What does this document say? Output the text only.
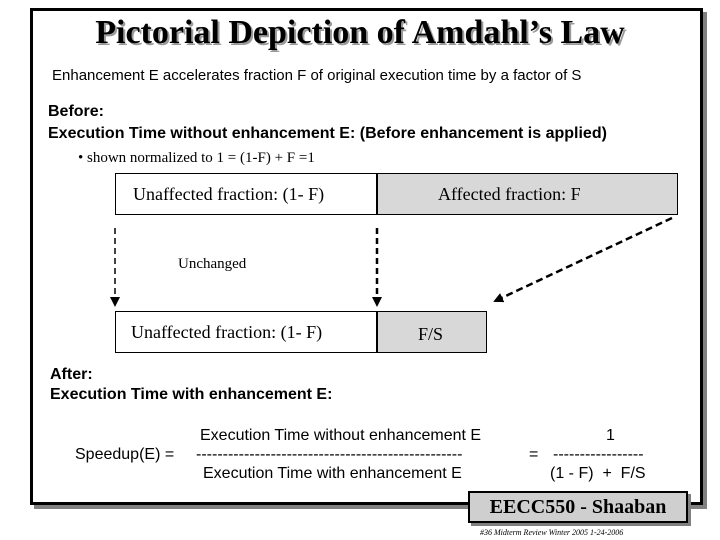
Pictorial Depiction of Amdahl’s Law
Enhancement E accelerates fraction F of original execution time by a factor of S
Before:
Execution Time without enhancement E: (Before enhancement is applied)
• shown normalized to 1 = (1-F) + F =1
Unaffected fraction: (1- F)	Affected fraction: F
Unchanged
Unaffected fraction: (1- F)	F/S
After:
Execution Time with enhancement E:
Execution Time without enhancement E	1
Speedup(E) = --------------------------------------------------	= -----------------
Execution Time with enhancement E	(1 - F)  +  F/S
EECC550 - Shaaban
#36 Midterm Review Winter 2005 1-24-2006
